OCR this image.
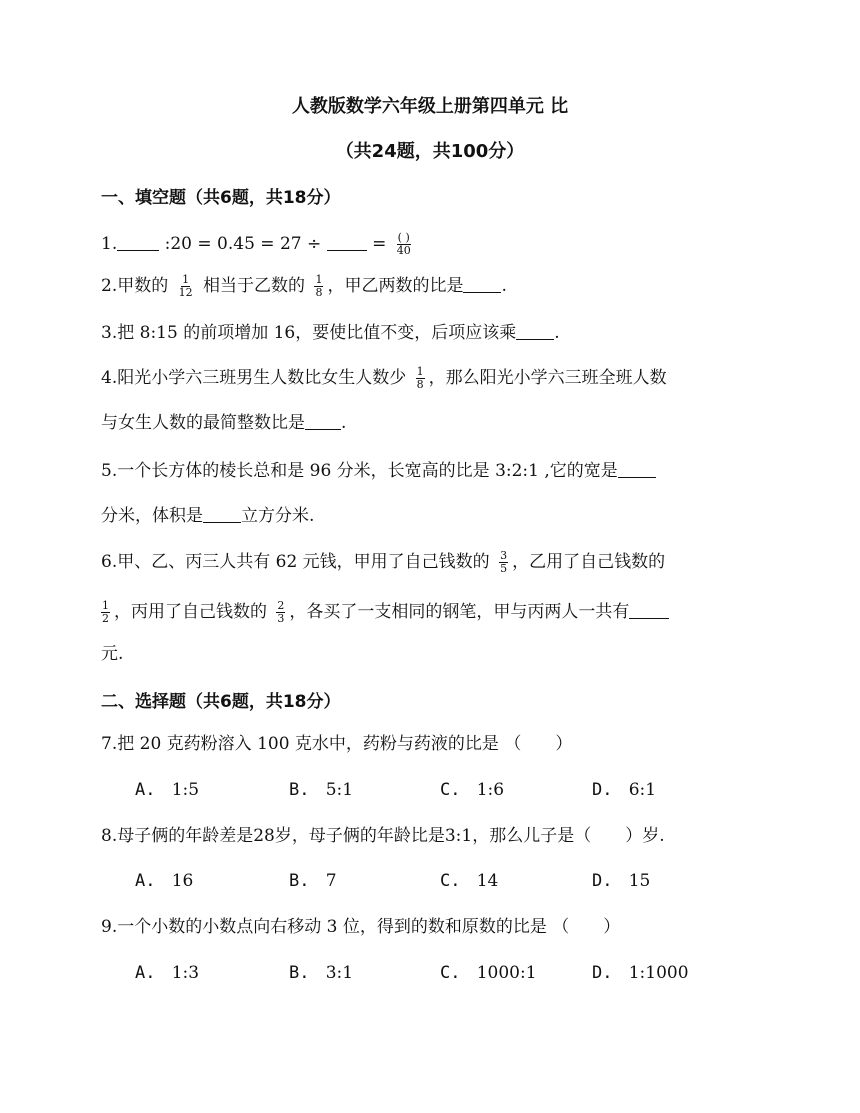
人教版数学六年级上册第四单元 比
（共24题，共100分）
一、填空题（共6题，共18分）
1.	:20 = 0.45 = 27 ÷	= $\frac{( )}{40}$
2.甲数的 $\frac{1}{12}$ 相当于乙数的 $\frac{1}{8}$ ，甲乙两数的比是 .
3.把 8:15 的前项增加 16，要使比值不变，后项应该乘 .
4.阳光小学六三班男生人数比女生人数少 $\frac{1}{8}$ ，那么阳光小学六三班全班人数
与女生人数的最简整数比是 .
5.一个长方体的棱长总和是 96 分米，长宽高的比是 3:2:1 ,它的宽是
分米，体积是 立方分米.
6.甲、乙、丙三人共有 62 元钱，甲用了自己钱数的 $\frac{3}{5}$ ，乙用了自己钱数的
$\frac{1}{2}$ ，丙用了自己钱数的 $\frac{2}{3}$ ，各买了一支相同的钢笔，甲与丙两人一共有
元.
二、选择题（共6题，共18分）
7.把 20 克药粉溶入 100 克水中，药粉与药液的比是 （　　）
A. 1:5	B. 5:1	C. 1:6	D. 6:1
8.母子俩的年龄差是28岁，母子俩的年龄比是3:1，那么儿子是（　　）岁.
A. 16	B. 7	C. 14	D. 15
9.一个小数的小数点向右移动 3 位，得到的数和原数的比是 （　　）
A. 1:3	B. 3:1	C. 1000:1	D. 1:1000
